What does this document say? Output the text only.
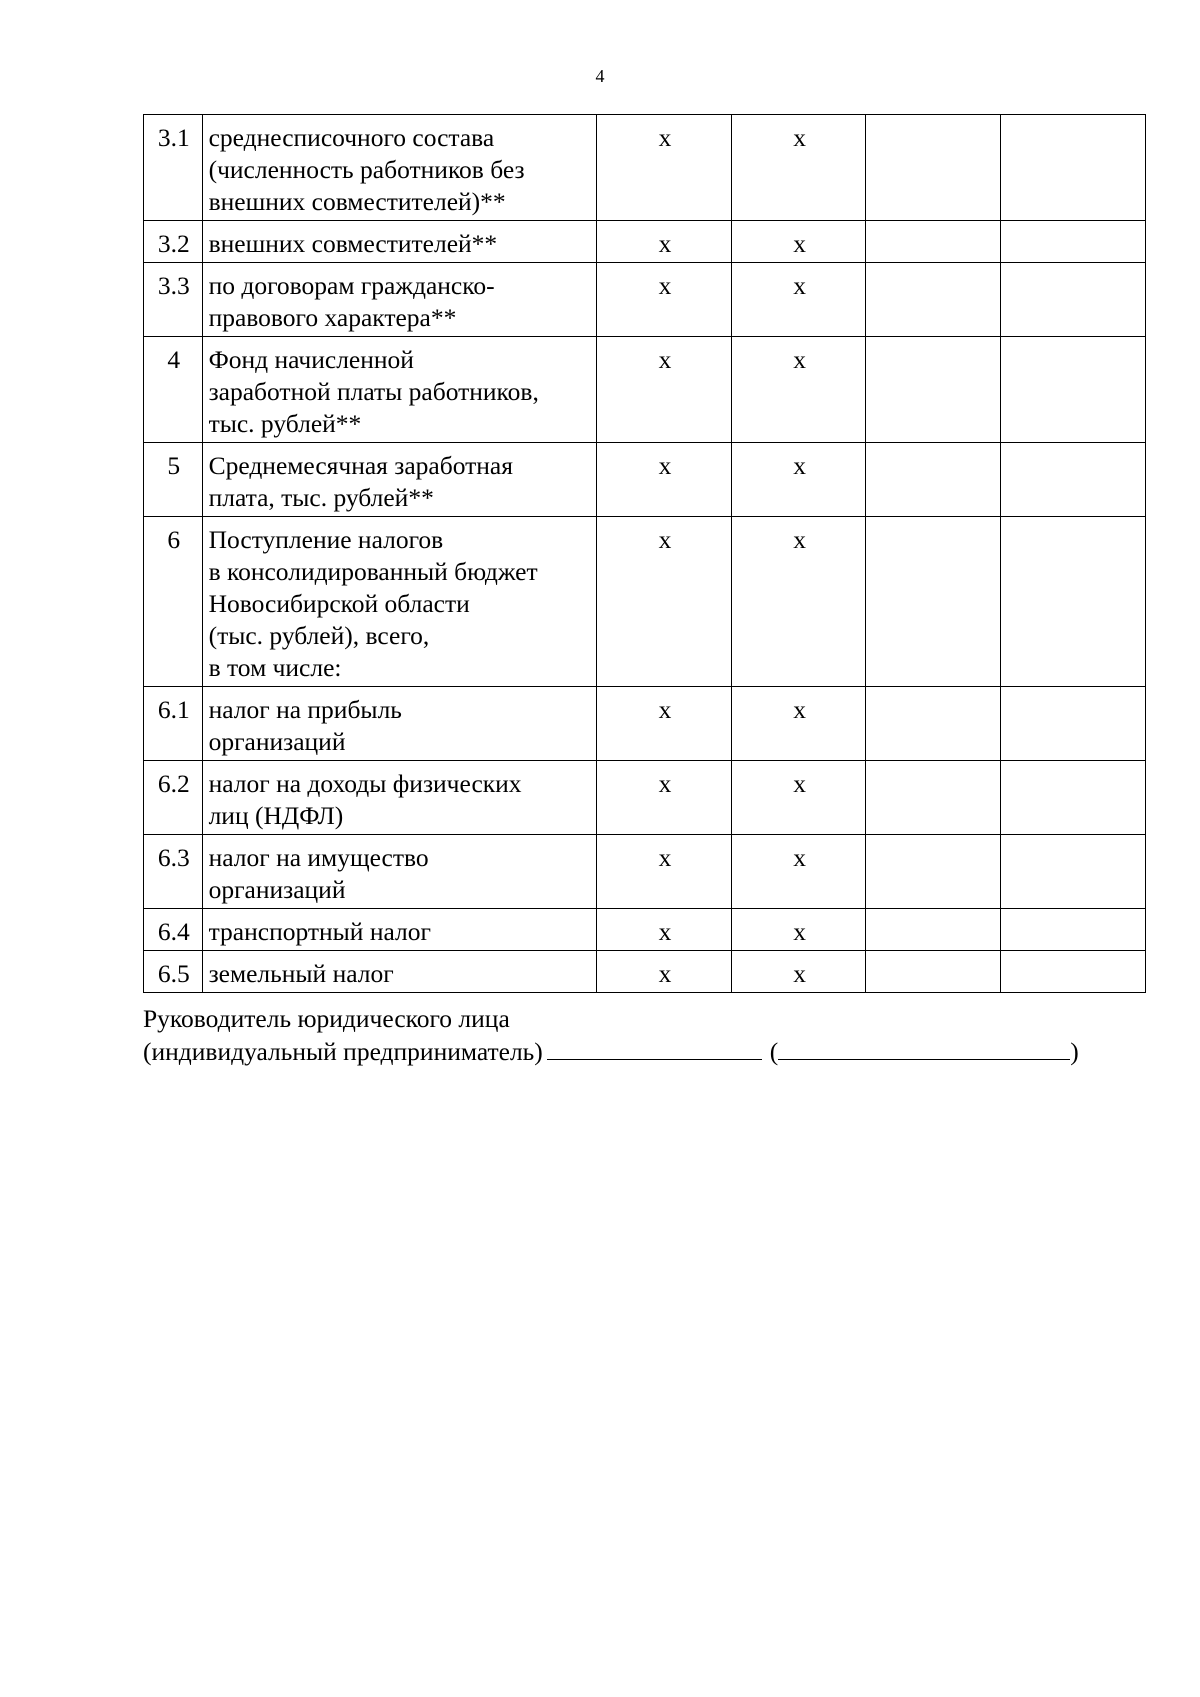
4
3.1	среднесписочного состава
(численность работников без
внешних совместителей)**	х	х		
3.2	внешних совместителей**	х	х		
3.3	по договорам гражданско-
правового характера**	х	х		
4	Фонд начисленной
заработной платы работников,
тыс. рублей**	х	х		
5	Среднемесячная заработная
плата, тыс. рублей**	х	х		
6	Поступление налогов
в консолидированный бюджет
Новосибирской области
(тыс. рублей), всего,
в том числе:	х	х		
6.1	налог на прибыль
организаций	х	х		
6.2	налог на доходы физических
лиц (НДФЛ)	х	х		
6.3	налог на имущество
организаций	х	х		
6.4	транспортный налог	х	х		
6.5	земельный налог	х	х		
Руководитель юридического лица
(индивидуальный предприниматель)	(	)
